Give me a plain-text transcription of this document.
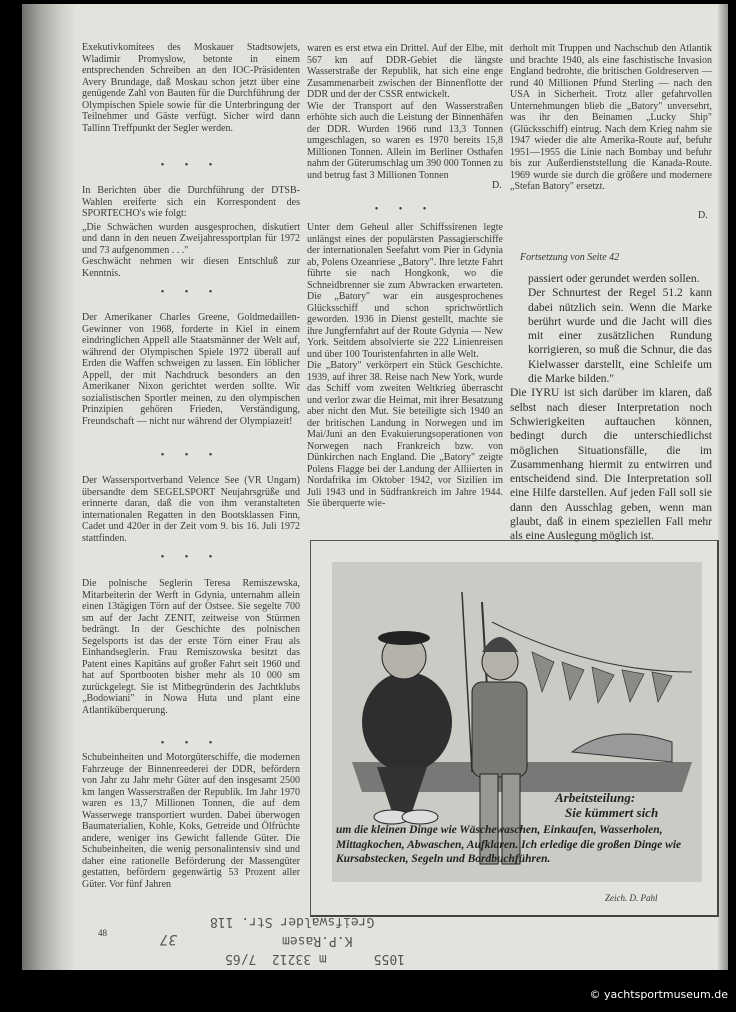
Exekutivkomitees des Moskauer Stadtsowjets, Wladimir Promyslow, betonte in einem entsprechenden Schreiben an den IOC-Präsidenten Avery Brundage, daß Moskau schon jetzt über eine genügende Zahl von Bauten für die Durchführung der Olympischen Spiele sowie für die Unterbringung der Teilnehmer und Gäste verfügt. Sicher wird dann Tallinn Treffpunkt der Segler werden.

• • •

In Berichten über die Durchführung der DTSB-Wahlen ereiferte sich ein Korrespondent des SPORTECHO's wie folgt:

„Die Schwächen wurden ausgesprochen, diskutiert und dann in den neuen Zweijahressportplan für 1972 und 73 aufgenommen . . ."

Geschwächt nehmen wir diesen Entschluß zur Kenntnis.

• • •

Der Amerikaner Charles Greene, Goldmedaillen-Gewinner von 1968, forderte in Kiel in einem eindringlichen Appell alle Staatsmänner der Welt auf, während der Olympischen Spiele 1972 überall auf Erden die Waffen schweigen zu lassen. Ein löblicher Appell, der mit Nachdruck besonders an den Amerikaner Nixon gerichtet werden sollte. Wir sozialistischen Sportler meinen, zu den olympischen Prinzipien gehören Frieden, Verständigung, Freundschaft — nicht nur während der Olympiazeit!

• • •

Der Wassersportverband Velence See (VR Ungarn) übersandte dem SEGELSPORT Neujahrsgrüße und erinnerte daran, daß die von ihm veranstalteten internationalen Regatten in den Bootsklassen Finn, Cadet und 420er in der Zeit vom 9. bis 16. Juli 1972 stattfinden.

• • •

Die polnische Seglerin Teresa Remiszewska, Mitarbeiterin der Werft in Gdynia, unternahm allein einen 13tägigen Törn auf der Ostsee. Sie segelte 700 sm auf der Jacht ZENIT, zeitweise von Stürmen bedrängt. In der Geschichte des polnischen Segelsports ist das der erste Törn einer Frau als Einhandseglerin. Frau Remiszowska besitzt das Patent eines Kapitäns auf großer Fahrt seit 1960 und hat auf Sportbooten bisher mehr als 10 000 sm zurückgelegt. Sie ist Mitbegründerin des Jachtklubs „Bodowiani" in Nowa Huta und plant eine Atlantiküberquerung.

• • •

Schubeinheiten und Motorgüterschiffe, die modernen Fahrzeuge der Binnenreederei der DDR, befördern von Jahr zu Jahr mehr Güter auf den insgesamt 2500 km langen Wasserstraßen der Republik. Im Jahr 1970 waren es 13,7 Millionen Tonnen, die auf dem Wasserwege transportiert wurden. Dabei überwogen Baumaterialien, Kohle, Koks, Getreide und Ölfrüchte andere, weniger ins Gewicht fallende Güter. Die Schubeinheiten, die wenig personalintensiv sind und daher eine rationelle Beförderung der Massengüter gestatten, befördern gegenwärtig 53 Prozent aller Güter. Vor fünf Jahren

waren es erst etwa ein Drittel. Auf der Elbe, mit 567 km auf DDR-Gebiet die längste Wasserstraße der Republik, hat sich eine enge Zusammenarbeit zwischen der Binnenflotte der DDR und der der CSSR entwickelt.

Wie der Transport auf den Wasserstraßen erhöhte sich auch die Leistung der Binnenhäfen der DDR. Wurden 1966 rund 13,3 Tonnen umgeschlagen, so waren es 1970 bereits 15,8 Millionen Tonnen. Allein im Berliner Osthafen nahm der Güterumschlag um 390 000 Tonnen zu und betrug fast 3 Millionen Tonnen

D.
• • •

Unter dem Geheul aller Schiffssirenen legte unlängst eines der populärsten Passagierschiffe der internationalen Seefahrt vom Pier in Gdynia ab, Polens Ozeanriese „Batory". Ihre letzte Fahrt führte sie nach Hongkonk, wo die Schneidbrenner sie zum Abwracken erwarteten. Die „Batory" war ein ausgesprochenes Glücksschiff und schon sprichwörtlich geworden. 1936 in Dienst gestellt, machte sie ihre Jungfernfahrt auf der Route Gdynia — New York. Seitdem absolvierte sie 222 Linienreisen und über 100 Touristenfahrten in alle Welt.

Die „Batory" verkörpert ein Stück Geschichte. 1939, auf ihrer 38. Reise nach New York, wurde das Schiff vom zweiten Weltkrieg überrascht und verlor zwar die Heimat, mit ihrer Besatzung aber nicht den Mut. Sie beteiligte sich 1940 an der britischen Landung in Norwegen und im Mai/Juni an den Evakuierungsoperationen von Norwegen nach Frankreich bzw. von Dünkirchen nach England. Die „Batory" zeigte Polens Flagge bei der Landung der Alliierten in Nordafrika im Oktober 1942, vor Sizilien im Juli 1943 und in Südfrankreich im Jahre 1944. Sie überquerte wie-

derholt mit Truppen und Nachschub den Atlantik und brachte 1940, als eine faschistische Invasion England bedrohte, die britischen Goldreserven — rund 40 Millionen Pfund Sterling — nach den USA in Sicherheit. Trotz aller gefahrvollen Unternehmungen blieb die „Batory" unversehrt, was ihr den Beinamen „Lucky Ship" (Glücksschiff) eintrug. Nach dem Krieg nahm sie 1947 wieder die alte Amerika-Route auf, befuhr 1951—1955 die Linie nach Bombay und befuhr bis zur Außerdienststellung die Kanada-Route. 1969 wurde sie durch die größere und modernere „Stefan Batory" ersetzt.

D.
Fortsetzung von Seite 42

passiert oder gerundet werden sollen.

Der Schnurtest der Regel 51.2 kann dabei nützlich sein. Wenn die Marke berührt wurde und die Jacht will dies mit einer zusätzlichen Rundung korrigieren, so muß die Schnur, die das Kielwasser darstellt, eine Schleife um die Marke bilden."

Die IYRU ist sich darüber im klaren, daß selbst nach dieser Interpretation noch Schwierigkeiten auftauchen können, bedingt durch die unterschiedlichst möglichen Situationsfälle, die im Zusammenhang hiermit zu entwirren und entscheidend sind. Die Interpretation soll eine Hilfe darstellen. Auf jeden Fall soll sie dann den Ausschlag geben, wenn man glaubt, daß in einem speziellen Fall mehr als eine Auslegung möglich ist.

Arbeitsteilung:
Sie kümmert sich
um die kleinen Dinge wie Wäschewaschen, Einkaufen, Wasserholen, Mittagkochen, Abwaschen, Aufklaren. Ich erledige die großen Dinge wie Kursabstecken, Segeln und Bordbuchführen.
Zeich. D. Pahl
48
Greifswalder Str. 118
K.P.Rasem
1055      m 33212  7/65
37
© yachtsportmuseum.de
